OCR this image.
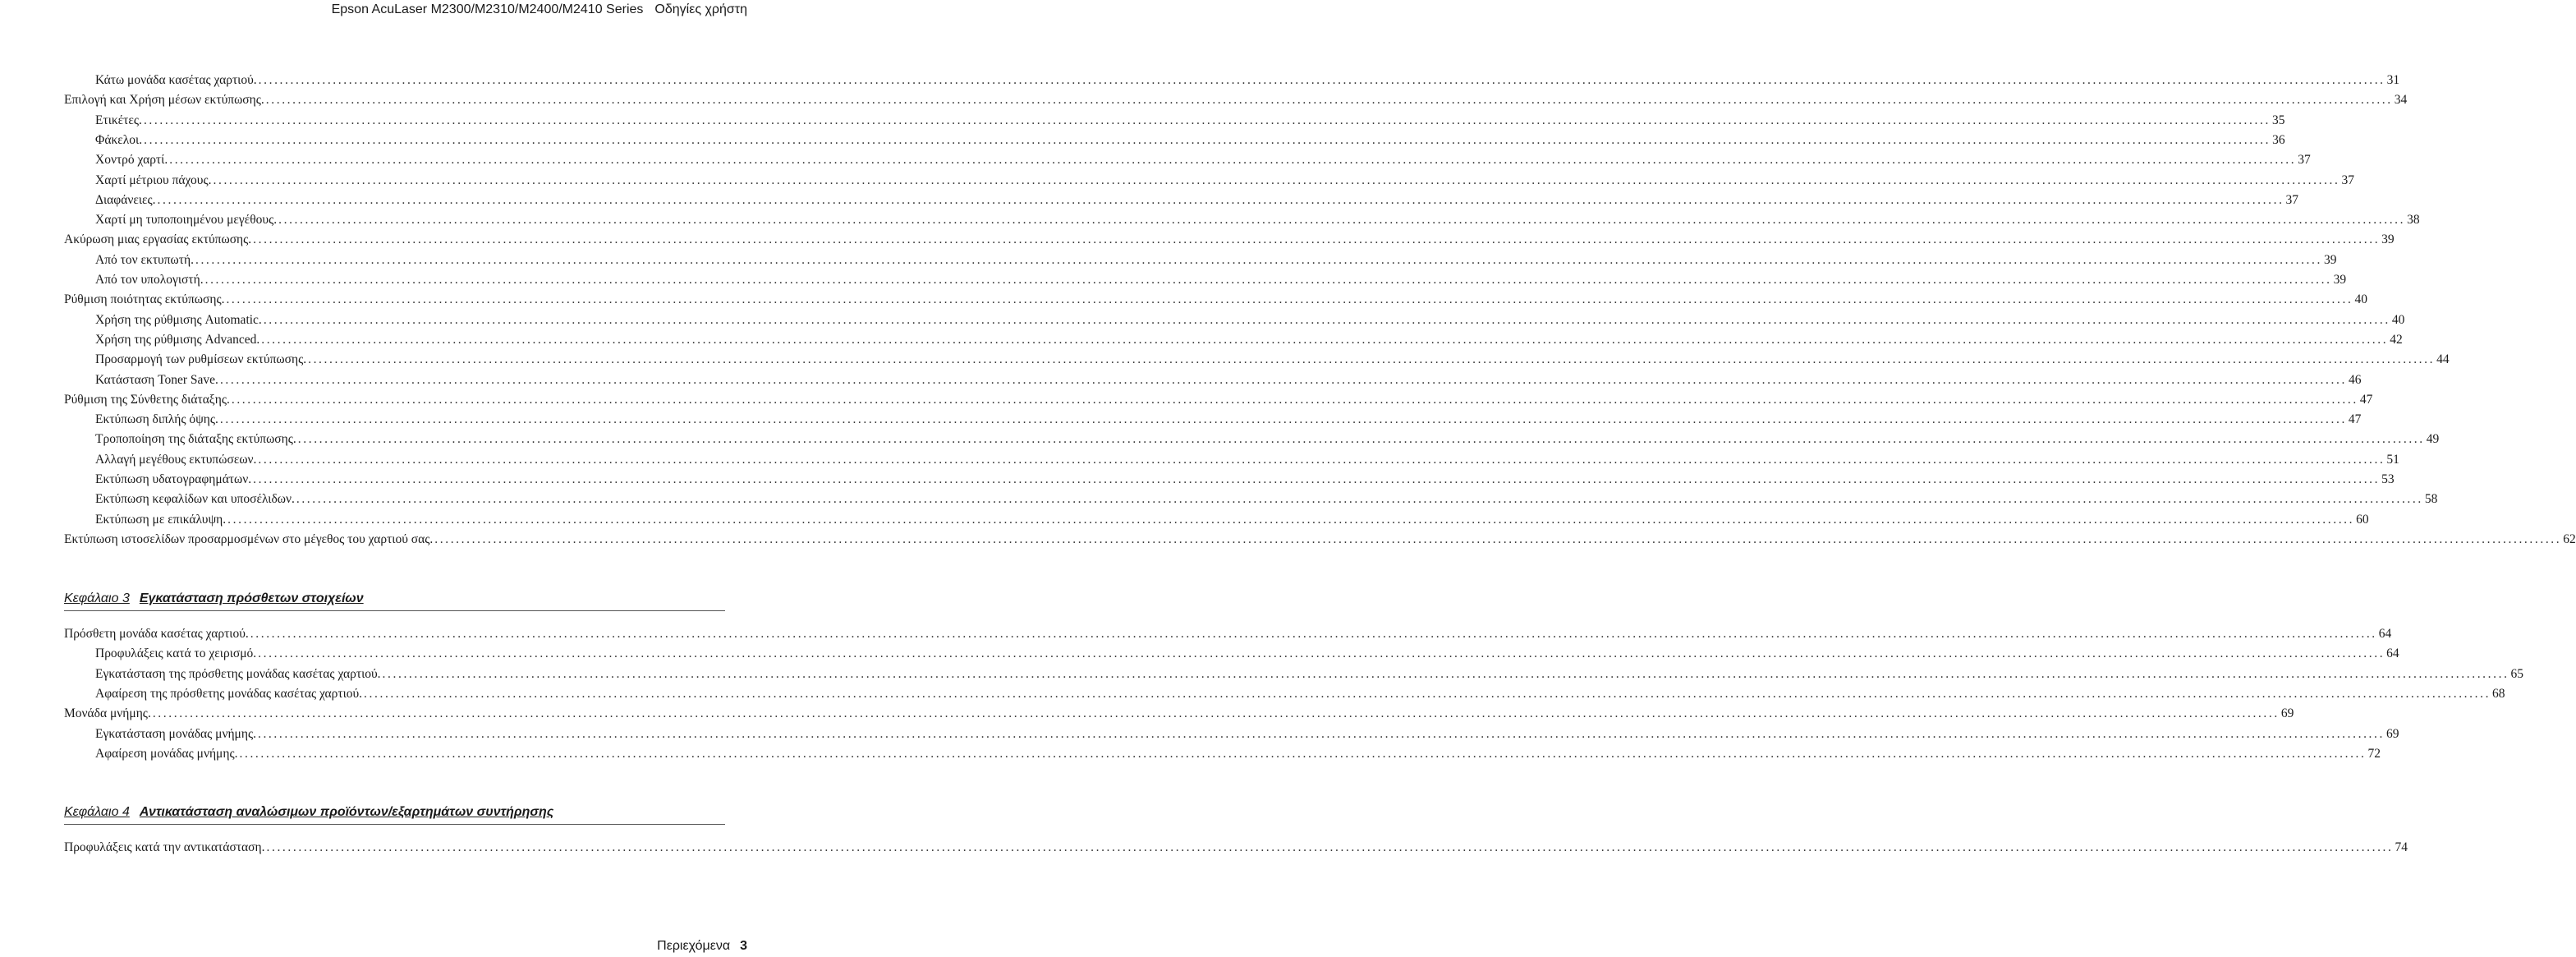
Epson AcuLaser M2300/M2310/M2400/M2410 Series Οδηγίες χρήστη
Περιεχόμενα 3
Κάτω μονάδα κασέτας χαρτιού. ................................................................................................................................................................................................................................................................................................................................................................................................................ 31
Επιλογή και Χρήση μέσων εκτύπωσης. ................................................................................................................................................................................................................................................................................................................................................................................................................ 34
Ετικέτες. ................................................................................................................................................................................................................................................................................................................................................................................................................ 35
Φάκελοι. ................................................................................................................................................................................................................................................................................................................................................................................................................ 36
Χοντρό χαρτί. ................................................................................................................................................................................................................................................................................................................................................................................................................ 37
Χαρτί μέτριου πάχους. ................................................................................................................................................................................................................................................................................................................................................................................................................ 37
Διαφάνειες. ................................................................................................................................................................................................................................................................................................................................................................................................................ 37
Χαρτί μη τυποποιημένου μεγέθους. ................................................................................................................................................................................................................................................................................................................................................................................................................ 38
Ακύρωση μιας εργασίας εκτύπωσης. ................................................................................................................................................................................................................................................................................................................................................................................................................ 39
Από τον εκτυπωτή. ................................................................................................................................................................................................................................................................................................................................................................................................................ 39
Από τον υπολογιστή. ................................................................................................................................................................................................................................................................................................................................................................................................................ 39
Ρύθμιση ποιότητας εκτύπωσης. ................................................................................................................................................................................................................................................................................................................................................................................................................ 40
Χρήση της ρύθμισης Automatic. ................................................................................................................................................................................................................................................................................................................................................................................................................ 40
Χρήση της ρύθμισης Advanced. ................................................................................................................................................................................................................................................................................................................................................................................................................ 42
Προσαρμογή των ρυθμίσεων εκτύπωσης. ................................................................................................................................................................................................................................................................................................................................................................................................................ 44
Κατάσταση Toner Save. ................................................................................................................................................................................................................................................................................................................................................................................................................ 46
Ρύθμιση της Σύνθετης διάταξης. ................................................................................................................................................................................................................................................................................................................................................................................................................ 47
Εκτύπωση διπλής όψης. ................................................................................................................................................................................................................................................................................................................................................................................................................ 47
Τροποποίηση της διάταξης εκτύπωσης. ................................................................................................................................................................................................................................................................................................................................................................................................................ 49
Αλλαγή μεγέθους εκτυπώσεων. ................................................................................................................................................................................................................................................................................................................................................................................................................ 51
Εκτύπωση υδατογραφημάτων. ................................................................................................................................................................................................................................................................................................................................................................................................................ 53
Εκτύπωση κεφαλίδων και υποσέλιδων. ................................................................................................................................................................................................................................................................................................................................................................................................................ 58
Εκτύπωση με επικάλυψη. ................................................................................................................................................................................................................................................................................................................................................................................................................ 60
Εκτύπωση ιστοσελίδων προσαρμοσμένων στο μέγεθος του χαρτιού σας. ................................................................................................................................................................................................................................................................................................................................................................................................................ 62
Κεφάλαιο 3 Εγκατάσταση πρόσθετων στοιχείων
Πρόσθετη μονάδα κασέτας χαρτιού. ................................................................................................................................................................................................................................................................................................................................................................................................................ 64
Προφυλάξεις κατά το χειρισμό. ................................................................................................................................................................................................................................................................................................................................................................................................................ 64
Εγκατάσταση της πρόσθετης μονάδας κασέτας χαρτιού. ................................................................................................................................................................................................................................................................................................................................................................................................................ 65
Αφαίρεση της πρόσθετης μονάδας κασέτας χαρτιού. ................................................................................................................................................................................................................................................................................................................................................................................................................ 68
Μονάδα μνήμης. ................................................................................................................................................................................................................................................................................................................................................................................................................ 69
Εγκατάσταση μονάδας μνήμης. ................................................................................................................................................................................................................................................................................................................................................................................................................ 69
Αφαίρεση μονάδας μνήμης. ................................................................................................................................................................................................................................................................................................................................................................................................................ 72
Κεφάλαιο 4 Αντικατάσταση αναλώσιμων προϊόντων/εξαρτημάτων συντήρησης
Προφυλάξεις κατά την αντικατάσταση. ................................................................................................................................................................................................................................................................................................................................................................................................................ 74
